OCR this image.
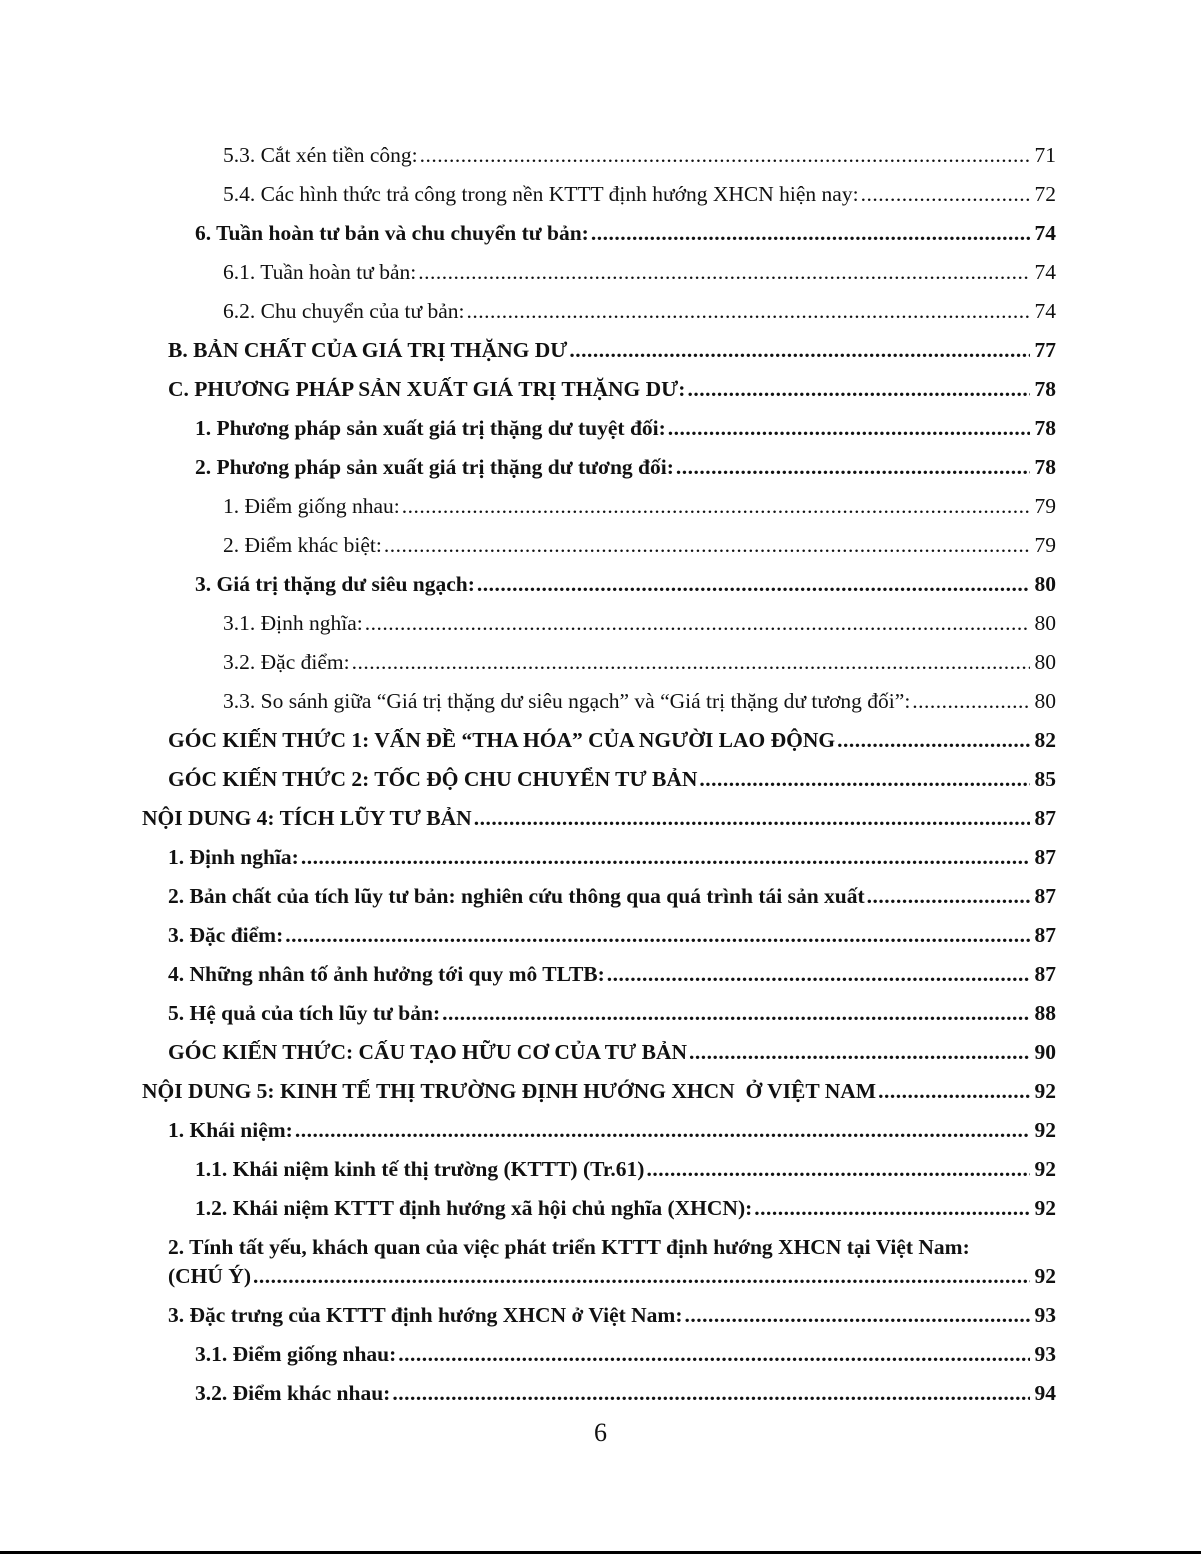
5.3. Cắt xén tiền công: .....	71
5.4. Các hình thức trả công trong nền KTTT định hướng XHCN hiện nay: .....	72
6. Tuần hoàn tư bản và chu chuyển tư bản: .....	74
6.1. Tuần hoàn tư bản: .....	74
6.2. Chu chuyển của tư bản: .....	74
B. BẢN CHẤT CỦA GIÁ TRỊ THẶNG DƯ .....	77
C. PHƯƠNG PHÁP SẢN XUẤT GIÁ TRỊ THẶNG DƯ: .....	78
1. Phương pháp sản xuất giá trị thặng dư tuyệt đối: .....	78
2. Phương pháp sản xuất giá trị thặng dư tương đối: .....	78
1. Điểm giống nhau: .....	79
2. Điểm khác biệt: .....	79
3. Giá trị thặng dư siêu ngạch: .....	80
3.1. Định nghĩa: .....	80
3.2. Đặc điểm: .....	80
3.3. So sánh giữa “Giá trị thặng dư siêu ngạch” và “Giá trị thặng dư tương đối”: .....	80
GÓC KIẾN THỨC 1: VẤN ĐỀ “THA HÓA” CỦA NGƯỜI LAO ĐỘNG .....	82
GÓC KIẾN THỨC 2: TỐC ĐỘ CHU CHUYỂN TƯ BẢN .....	85
NỘI DUNG 4: TÍCH LŨY TƯ BẢN .....	87
1. Định nghĩa: .....	87
2. Bản chất của tích lũy tư bản: nghiên cứu thông qua quá trình tái sản xuất .....	87
3. Đặc điểm: .....	87
4. Những nhân tố ảnh hưởng tới quy mô TLTB: .....	87
5. Hệ quả của tích lũy tư bản: .....	88
GÓC KIẾN THỨC: CẤU TẠO HỮU CƠ CỦA TƯ BẢN .....	90
NỘI DUNG 5: KINH TẾ THỊ TRƯỜNG ĐỊNH HƯỚNG XHCN  Ở VIỆT NAM .....	92
1. Khái niệm: .....	92
1.1. Khái niệm kinh tế thị trường (KTTT) (Tr.61) .....	92
1.2. Khái niệm KTTT định hướng xã hội chủ nghĩa (XHCN): .....	92
2. Tính tất yếu, khách quan của việc phát triển KTTT định hướng XHCN tại Việt Nam:
(CHÚ Ý) .....	92
3. Đặc trưng của KTTT định hướng XHCN ở Việt Nam: .....	93
3.1. Điểm giống nhau: .....	93
3.2. Điểm khác nhau: .....	94
6
